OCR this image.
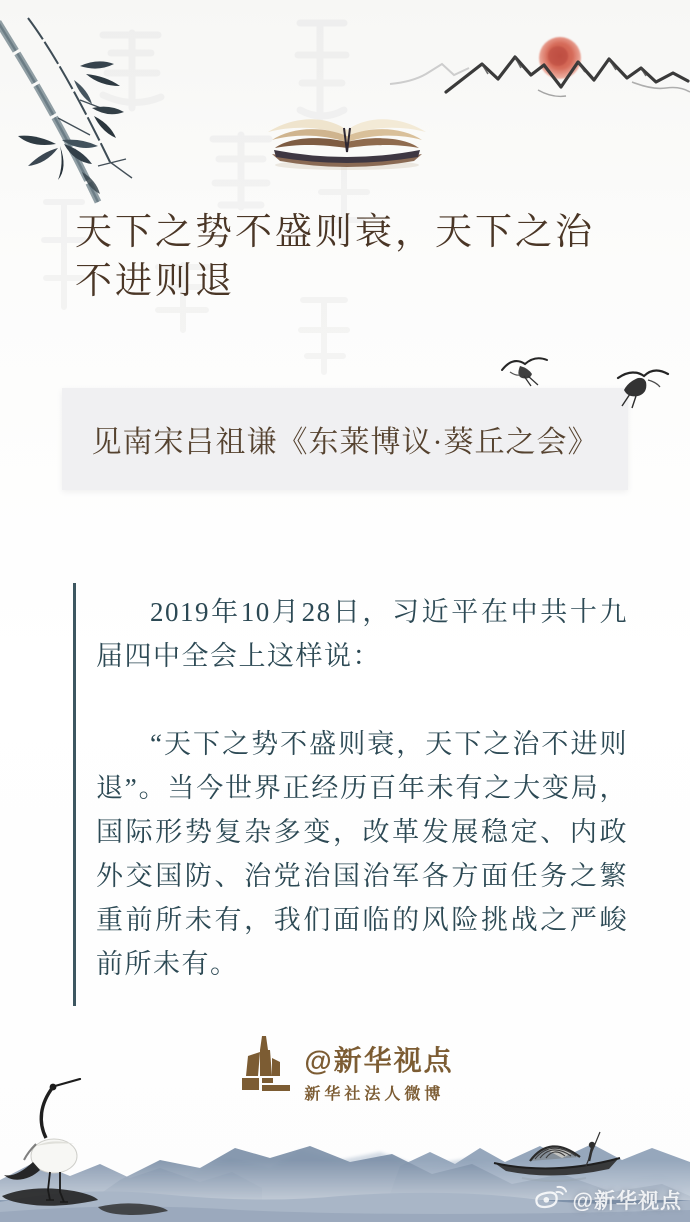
天下之势不盛则衰，天下之治
不进则退
见南宋吕祖谦《东莱博议·葵丘之会》

2019年10月28日，习近平在中共十九届四中全会上这样说：

“天下之势不盛则衰，天下之治不进则退”。当今世界正经历百年未有之大变局，国际形势复杂多变，改革发展稳定、内政外交国防、治党治国治军各方面任务之繁重前所未有，我们面临的风险挑战之严峻前所未有。

@新华视点
新华社法人微博
@新华视点
